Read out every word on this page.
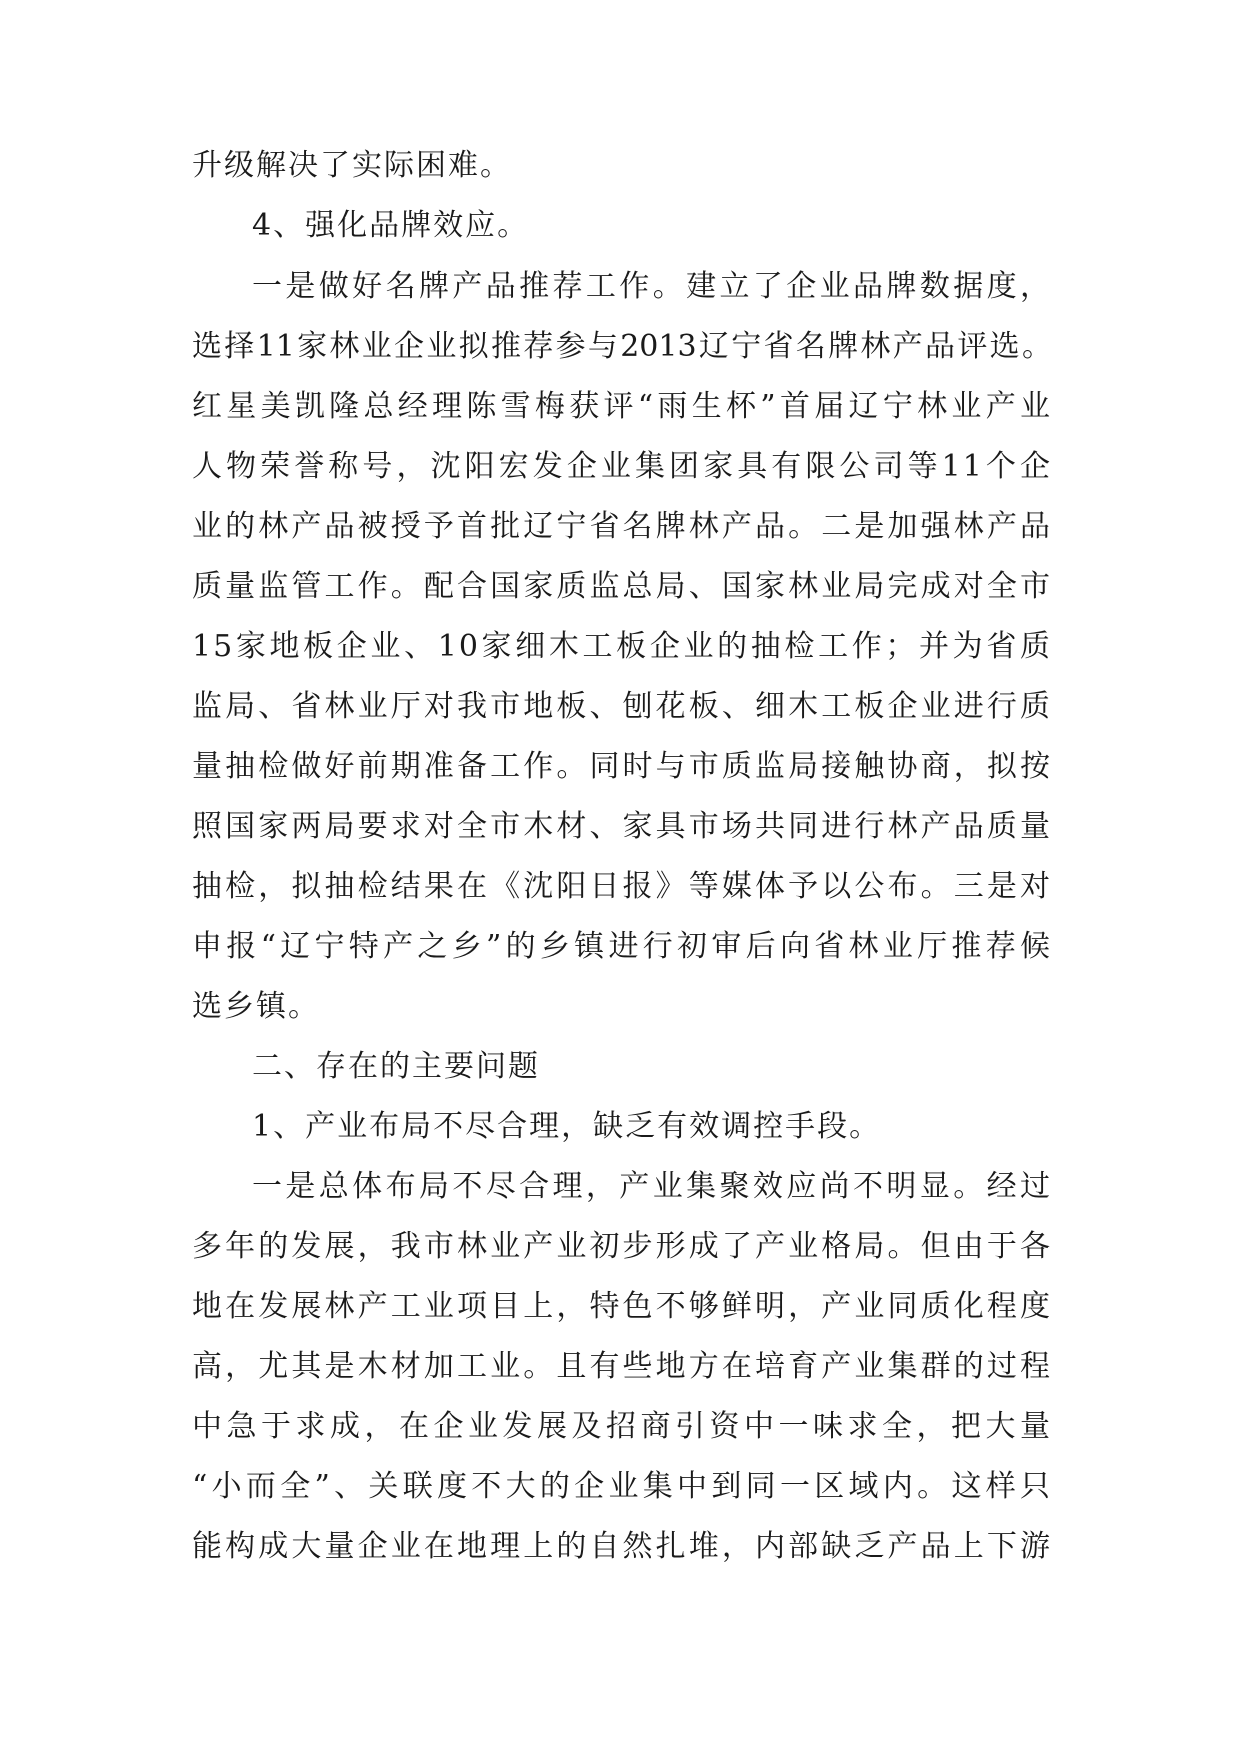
升级解决了实际困难。
4、强化品牌效应。
一是做好名牌产品推荐工作。建立了企业品牌数据度，
选择11家林业企业拟推荐参与2013辽宁省名牌林产品评选。
红星美凯隆总经理陈雪梅获评“雨生杯”首届辽宁林业产业
人物荣誉称号，沈阳宏发企业集团家具有限公司等11个企
业的林产品被授予首批辽宁省名牌林产品。二是加强林产品
质量监管工作。配合国家质监总局、国家林业局完成对全市
15家地板企业、10家细木工板企业的抽检工作；并为省质
监局、省林业厅对我市地板、刨花板、细木工板企业进行质
量抽检做好前期准备工作。同时与市质监局接触协商，拟按
照国家两局要求对全市木材、家具市场共同进行林产品质量
抽检，拟抽检结果在《沈阳日报》等媒体予以公布。三是对
申报“辽宁特产之乡”的乡镇进行初审后向省林业厅推荐候
选乡镇。
二、存在的主要问题
1、产业布局不尽合理，缺乏有效调控手段。
一是总体布局不尽合理，产业集聚效应尚不明显。经过
多年的发展，我市林业产业初步形成了产业格局。但由于各
地在发展林产工业项目上，特色不够鲜明，产业同质化程度
高，尤其是木材加工业。且有些地方在培育产业集群的过程
中急于求成，在企业发展及招商引资中一味求全，把大量
“小而全”、关联度不大的企业集中到同一区域内。这样只
能构成大量企业在地理上的自然扎堆，内部缺乏产品上下游
